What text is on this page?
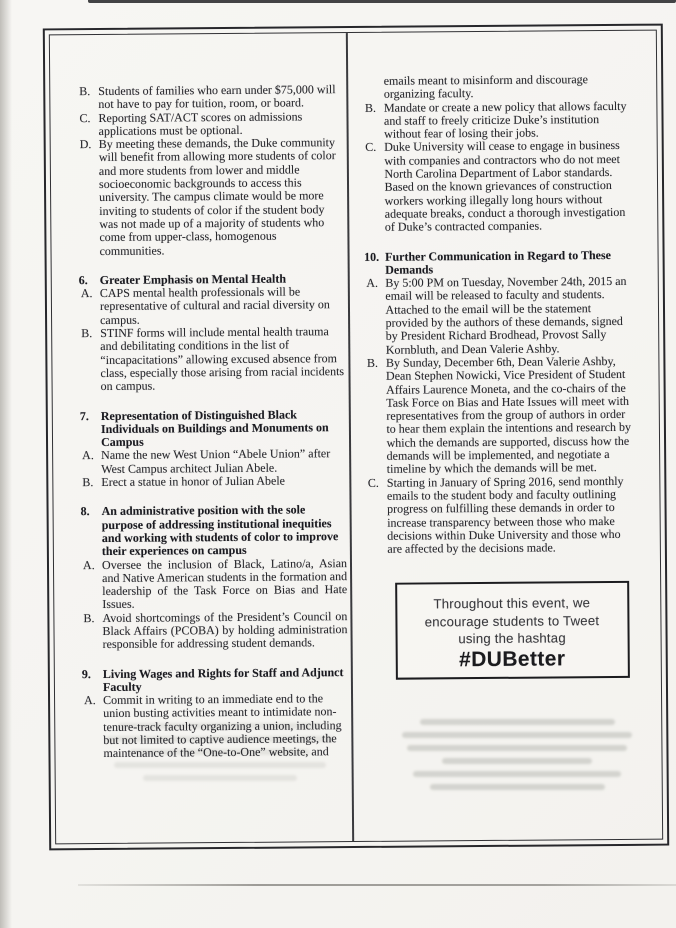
B. Students of families who earn under $75,000 will not have to pay for tuition, room, or board.
C. Reporting SAT/ACT scores on admissions applications must be optional.
D. By meeting these demands, the Duke community will benefit from allowing more students of color and more students from lower and middle socioeconomic backgrounds to access this university. The campus climate would be more inviting to students of color if the student body was not made up of a majority of students who come from upper-class, homogenous communities.
6. Greater Emphasis on Mental Health
A. CAPS mental health professionals will be representative of cultural and racial diversity on campus.
B. STINF forms will include mental health trauma and debilitating conditions in the list of “incapacitations” allowing excused absence from class, especially those arising from racial incidents on campus.
7. Representation of Distinguished Black Individuals on Buildings and Monuments on Campus
A. Name the new West Union “Abele Union” after West Campus architect Julian Abele.
B. Erect a statue in honor of Julian Abele
8. An administrative position with the sole purpose of addressing institutional inequities and working with students of color to improve their experiences on campus
A. Oversee the inclusion of Black, Latino/a, Asian and Native American students in the formation and leadership of the Task Force on Bias and Hate Issues.
B. Avoid shortcomings of the President’s Council on Black Affairs (PCOBA) by holding administration responsible for addressing student demands.
9. Living Wages and Rights for Staff and Adjunct Faculty
A. Commit in writing to an immediate end to the union busting activities meant to intimidate non-tenure-track faculty organizing a union, including but not limited to captive audience meetings, the maintenance of the “One-to-One” website, and
emails meant to misinform and discourage organizing faculty.
B. Mandate or create a new policy that allows faculty and staff to freely criticize Duke’s institution without fear of losing their jobs.
C. Duke University will cease to engage in business with companies and contractors who do not meet North Carolina Department of Labor standards. Based on the known grievances of construction workers working illegally long hours without adequate breaks, conduct a thorough investigation of Duke’s contracted companies.
10. Further Communication in Regard to These Demands
A. By 5:00 PM on Tuesday, November 24th, 2015 an email will be released to faculty and students. Attached to the email will be the statement provided by the authors of these demands, signed by President Richard Brodhead, Provost Sally Kornbluth, and Dean Valerie Ashby.
B. By Sunday, December 6th, Dean Valerie Ashby, Dean Stephen Nowicki, Vice President of Student Affairs Laurence Moneta, and the co-chairs of the Task Force on Bias and Hate Issues will meet with representatives from the group of authors in order to hear them explain the intentions and research by which the demands are supported, discuss how the demands will be implemented, and negotiate a timeline by which the demands will be met.
C. Starting in January of Spring 2016, send monthly emails to the student body and faculty outlining progress on fulfilling these demands in order to increase transparency between those who make decisions within Duke University and those who are affected by the decisions made.
Throughout this event, we
encourage students to Tweet
using the hashtag
#DUBetter
